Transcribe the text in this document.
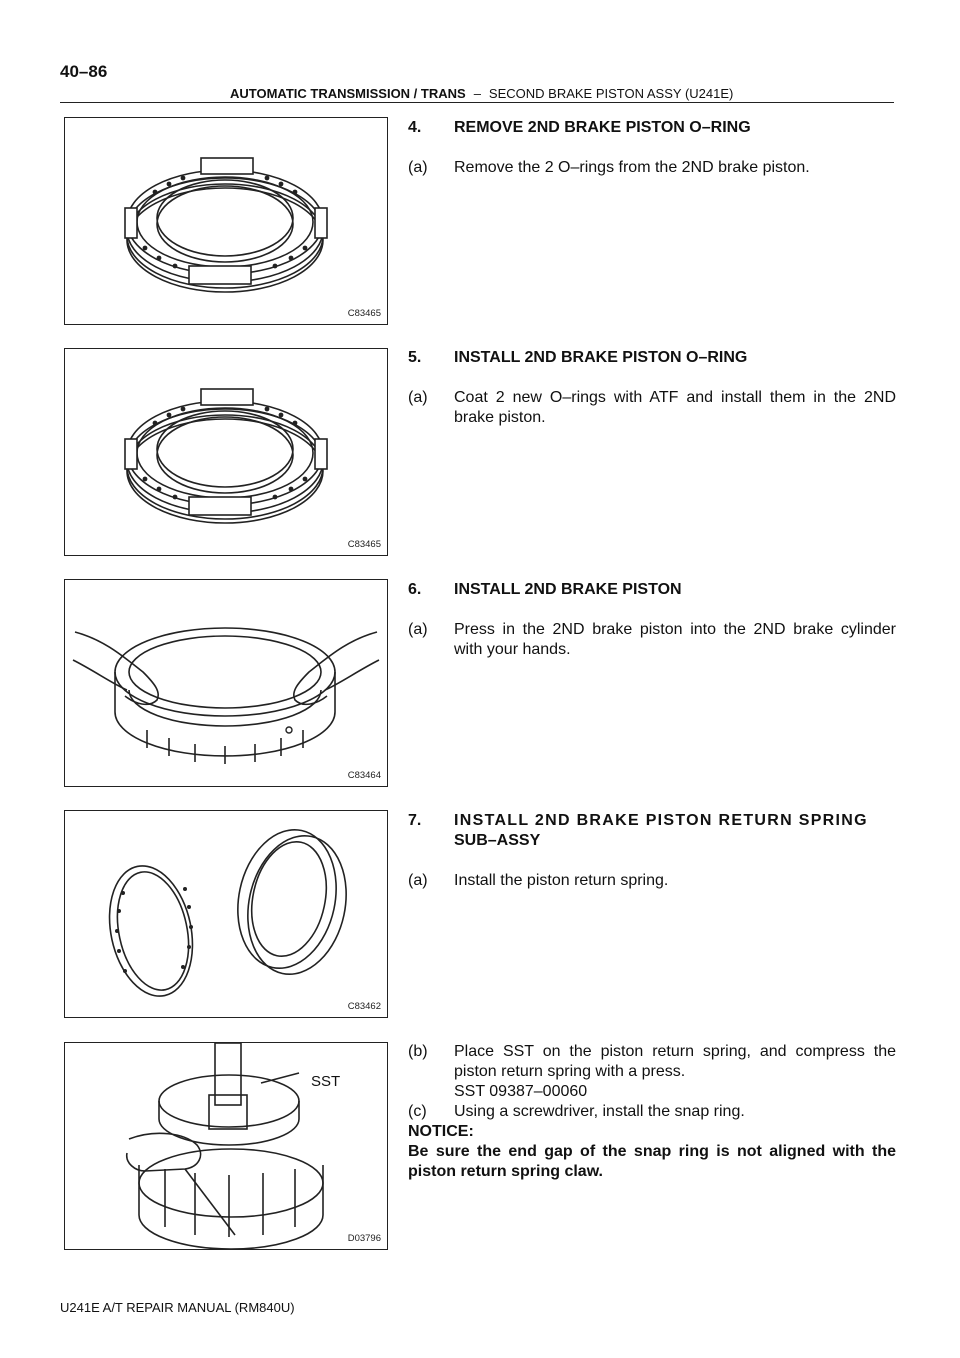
40–86
AUTOMATIC TRANSMISSION / TRANS – SECOND BRAKE PISTON ASSY (U241E)
C83465
C83465
C83464
C83462
SST
D03796
4. REMOVE 2ND BRAKE PISTON O–RING
(a)	Remove the 2 O–rings from the 2ND brake piston.
5. INSTALL 2ND BRAKE PISTON O–RING
(a)	Coat 2 new O–rings with ATF and install them in the 2ND brake piston.
6. INSTALL 2ND BRAKE PISTON
(a)	Press in the 2ND brake piston into the 2ND brake cylinder with your hands.
7.	INSTALL 2ND BRAKE PISTON RETURN SPRING
SUB–ASSY
(a)	Install the piston return spring.
(b)	Place SST on the piston return spring, and compress the piston return spring with a press.
SST 09387–00060
(c)	Using a screwdriver, install the snap ring.
NOTICE:
Be sure the end gap of the snap ring is not aligned with the
piston return spring claw.
U241E A/T REPAIR MANUAL (RM840U)
